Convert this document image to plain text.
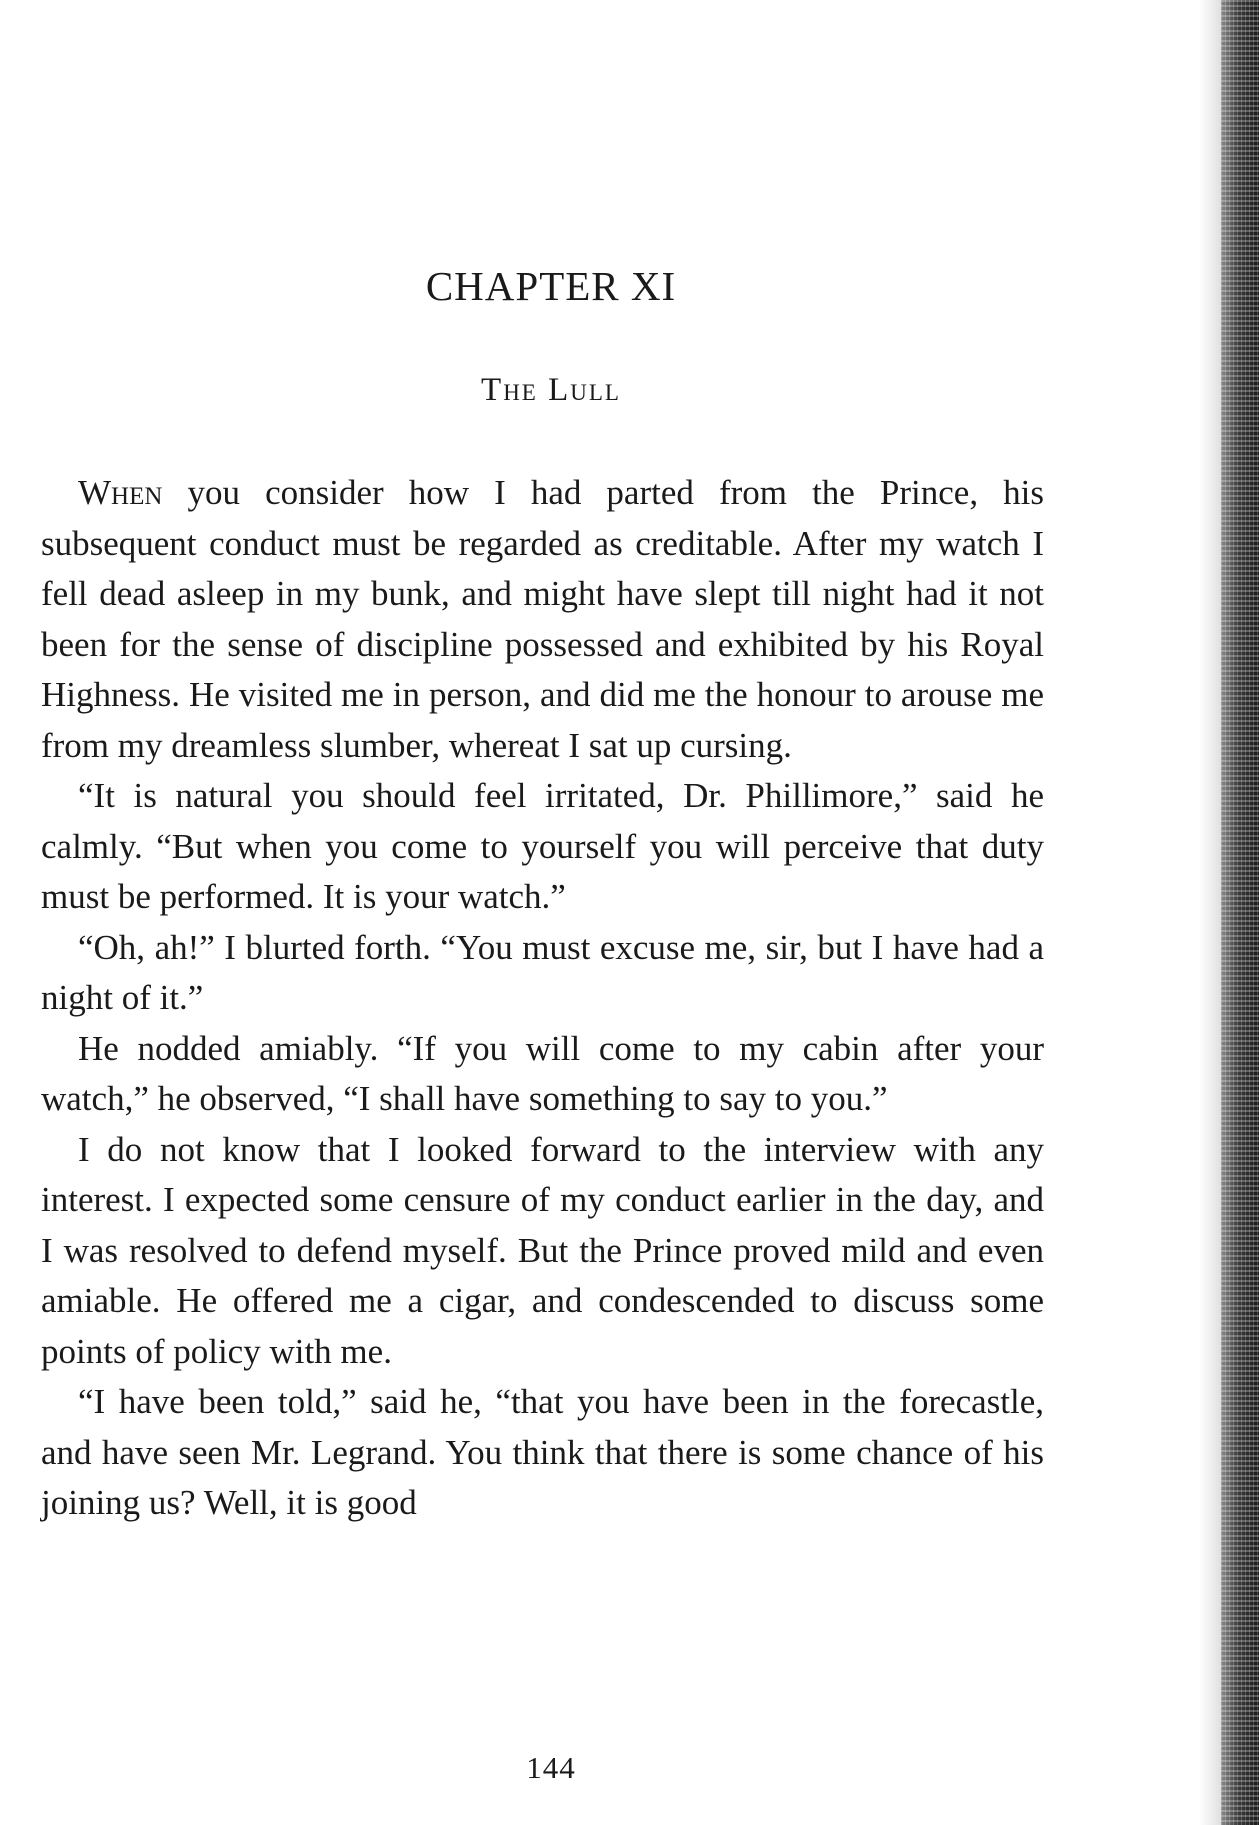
CHAPTER XI
The Lull

When you consider how I had parted from the Prince, his subsequent conduct must be regarded as creditable. After my watch I fell dead asleep in my bunk, and might have slept till night had it not been for the sense of discipline possessed and exhibited by his Royal Highness. He visited me in person, and did me the honour to arouse me from my dreamless slumber, whereat I sat up cursing.

“It is natural you should feel irritated, Dr. Phillimore,” said he calmly. “But when you come to yourself you will perceive that duty must be performed. It is your watch.”

“Oh, ah!” I blurted forth. “You must excuse me, sir, but I have had a night of it.”

He nodded amiably. “If you will come to my cabin after your watch,” he observed, “I shall have something to say to you.”

I do not know that I looked forward to the interview with any interest. I expected some censure of my conduct earlier in the day, and I was resolved to defend myself. But the Prince proved mild and even amiable. He offered me a cigar, and condescended to discuss some points of policy with me.

“I have been told,” said he, “that you have been in the forecastle, and have seen Mr. Legrand. You think that there is some chance of his joining us? Well, it is good

144
